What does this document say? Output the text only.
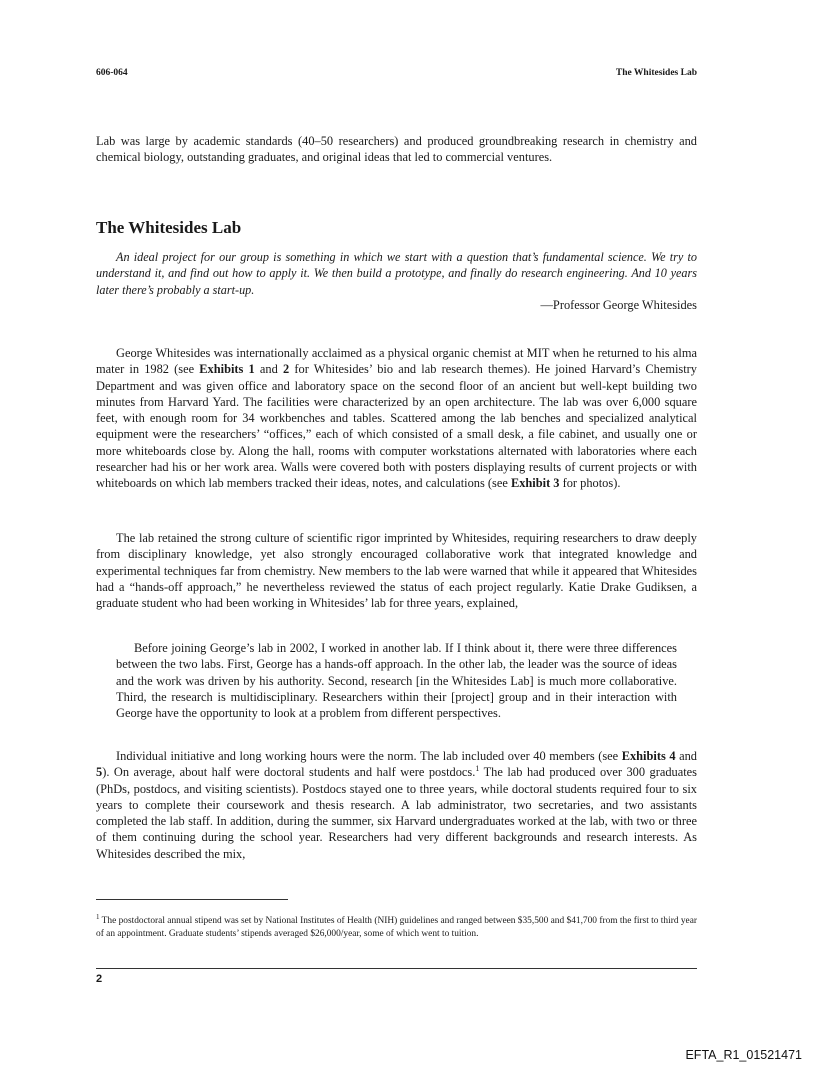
606-064	The Whitesides Lab

Lab was large by academic standards (40–50 researchers) and produced groundbreaking research in chemistry and chemical biology, outstanding graduates, and original ideas that led to commercial ventures.

The Whitesides Lab

An ideal project for our group is something in which we start with a question that’s fundamental science. We try to understand it, and find out how to apply it. We then build a prototype, and finally do research engineering. And 10 years later there’s probably a start-up.

—Professor George Whitesides

George Whitesides was internationally acclaimed as a physical organic chemist at MIT when he returned to his alma mater in 1982 (see Exhibits 1 and 2 for Whitesides’ bio and lab research themes). He joined Harvard’s Chemistry Department and was given office and laboratory space on the second floor of an ancient but well-kept building two minutes from Harvard Yard. The facilities were characterized by an open architecture. The lab was over 6,000 square feet, with enough room for 34 workbenches and tables. Scattered among the lab benches and specialized analytical equipment were the researchers’ “offices,” each of which consisted of a small desk, a file cabinet, and usually one or more whiteboards close by. Along the hall, rooms with computer workstations alternated with laboratories where each researcher had his or her work area. Walls were covered both with posters displaying results of current projects or with whiteboards on which lab members tracked their ideas, notes, and calculations (see Exhibit 3 for photos).

The lab retained the strong culture of scientific rigor imprinted by Whitesides, requiring researchers to draw deeply from disciplinary knowledge, yet also strongly encouraged collaborative work that integrated knowledge and experimental techniques far from chemistry. New members to the lab were warned that while it appeared that Whitesides had a “hands-off approach,” he nevertheless reviewed the status of each project regularly. Katie Drake Gudiksen, a graduate student who had been working in Whitesides’ lab for three years, explained,

Before joining George’s lab in 2002, I worked in another lab. If I think about it, there were three differences between the two labs. First, George has a hands-off approach. In the other lab, the leader was the source of ideas and the work was driven by his authority. Second, research [in the Whitesides Lab] is much more collaborative. Third, the research is multidisciplinary. Researchers within their [project] group and in their interaction with George have the opportunity to look at a problem from different perspectives.

Individual initiative and long working hours were the norm. The lab included over 40 members (see Exhibits 4 and 5). On average, about half were doctoral students and half were postdocs.$^1$ The lab had produced over 300 graduates (PhDs, postdocs, and visiting scientists). Postdocs stayed one to three years, while doctoral students required four to six years to complete their coursework and thesis research. A lab administrator, two secretaries, and two assistants completed the lab staff. In addition, during the summer, six Harvard undergraduates worked at the lab, with two or three of them continuing during the school year. Researchers had very different backgrounds and research interests. As Whitesides described the mix,

$^1$ The postdoctoral annual stipend was set by National Institutes of Health (NIH) guidelines and ranged between $35,500 and $41,700 from the first to third year of an appointment. Graduate students’ stipends averaged $26,000/year, some of which went to tuition.

2
EFTA_R1_01521471
